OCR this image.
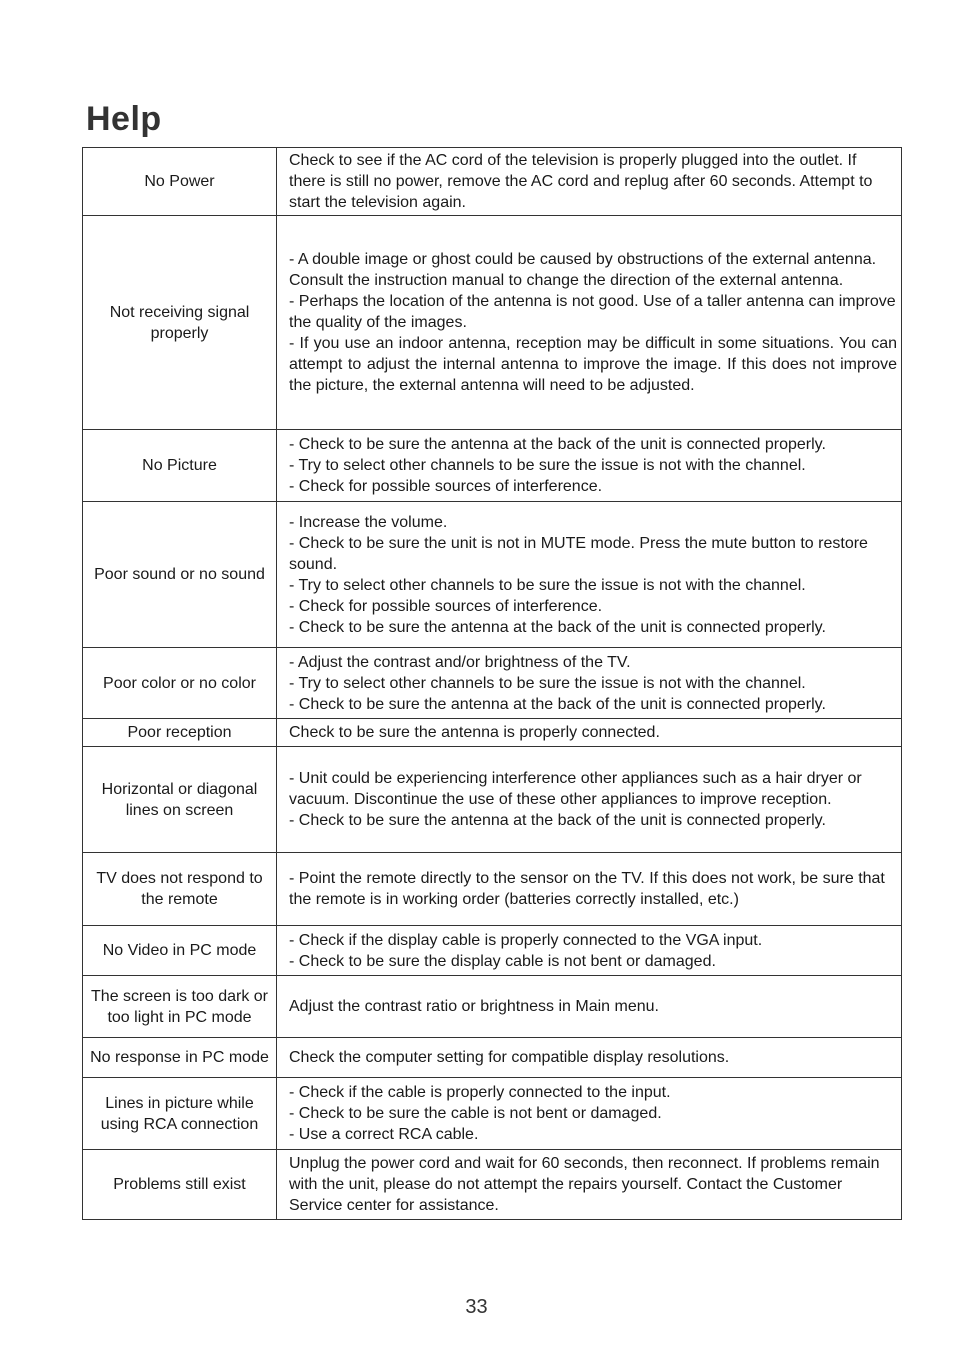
Help
No Power	Check to see if the AC cord of the television is properly plugged into the outlet. If there is still no power, remove the AC cord and replug after 60 seconds. Attempt to start the television again.

Not receiving signal properly	- A double image or ghost could be caused by obstructions of the external antenna. Consult the instruction manual to change the direction of the external antenna.

- Perhaps the location of the antenna is not good. Use of a taller antenna can improve the quality of the images.

- If you use an indoor antenna, reception may be difficult in some situations. You can attempt to adjust the internal antenna to improve the image. If this does not improve the picture, the external antenna will need to be adjusted.

No Picture	- Check to be sure the antenna at the back of the unit is connected properly.

- Try to select other channels to be sure the issue is not with the channel.

- Check for possible sources of interference.

Poor sound or no sound	- Increase the volume.

- Check to be sure the unit is not in MUTE mode. Press the mute button to restore sound.

- Try to select other channels to be sure the issue is not with the channel.

- Check for possible sources of interference.

- Check to be sure the antenna at the back of the unit is connected properly.

Poor color or no color	- Adjust the contrast and/or brightness of the TV.

- Try to select other channels to be sure the issue is not with the channel.

- Check to be sure the antenna at the back of the unit is connected properly.

Poor reception	Check to be sure the antenna is properly connected.

Horizontal or diagonal lines on screen	- Unit could be experiencing interference other appliances such as a hair dryer or vacuum. Discontinue the use of these other appliances to improve reception.

- Check to be sure the antenna at the back of the unit is connected properly.

TV does not respond to the remote	- Point the remote directly to the sensor on the TV. If this does not work, be sure that the remote is in working order (batteries correctly installed, etc.)

No Video in PC mode	- Check if the display cable is properly connected to the VGA input.

- Check to be sure the display cable is not bent or damaged.

The screen is too dark or too light in PC mode	Adjust the contrast ratio or brightness in Main menu.

No response in PC mode	Check the computer setting for compatible display resolutions.

Lines in picture while using RCA connection	- Check if the cable is properly connected to the input.

- Check to be sure the cable is not bent or damaged.

- Use a correct RCA cable.

Problems still exist	Unplug the power cord and wait for 60 seconds, then reconnect. If problems remain with the unit, please do not attempt the repairs yourself. Contact the Customer Service center for assistance.

33
